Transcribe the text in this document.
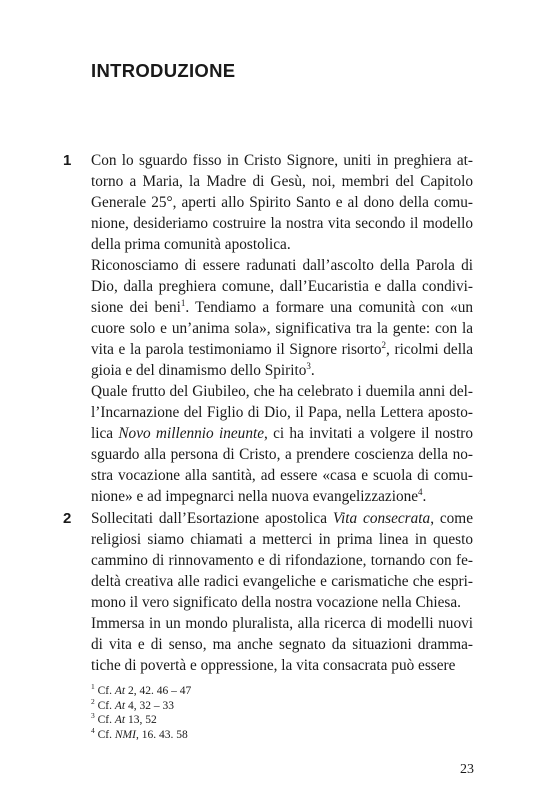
INTRODUZIONE
1 Con lo sguardo fisso in Cristo Signore, uniti in preghiera at-
torno a Maria, la Madre di Gesù, noi, membri del Capitolo
Generale 25°, aperti allo Spirito Santo e al dono della comu-
nione, desideriamo costruire la nostra vita secondo il modello
della prima comunità apostolica.
Riconosciamo di essere radunati dall’ascolto della Parola di
Dio, dalla preghiera comune, dall’Eucaristia e dalla condivi-
sione dei beni$^1$. Tendiamo a formare una comunità con «un
cuore solo e un’anima sola», significativa tra la gente: con la
vita e la parola testimoniamo il Signore risorto$^2$, ricolmi della
gioia e del dinamismo dello Spirito$^3$.
Quale frutto del Giubileo, che ha celebrato i duemila anni del-
l’Incarnazione del Figlio di Dio, il Papa, nella Lettera aposto-
lica Novo millennio ineunte, ci ha invitati a volgere il nostro
sguardo alla persona di Cristo, a prendere coscienza della no-
stra vocazione alla santità, ad essere «casa e scuola di comu-
nione» e ad impegnarci nella nuova evangelizzazione$^4$.
2 Sollecitati dall’Esortazione apostolica Vita consecrata, come
religiosi siamo chiamati a metterci in prima linea in questo
cammino di rinnovamento e di rifondazione, tornando con fe-
deltà creativa alle radici evangeliche e carismatiche che espri-
mono il vero significato della nostra vocazione nella Chiesa.
Immersa in un mondo pluralista, alla ricerca di modelli nuovi
di vita e di senso, ma anche segnato da situazioni dramma-
tiche di povertà e oppressione, la vita consacrata può essere
$^1$ Cf. At 2, 42. 46 – 47
$^2$ Cf. At 4, 32 – 33
$^3$ Cf. At 13, 52
$^4$ Cf. NMI, 16. 43. 58
23
